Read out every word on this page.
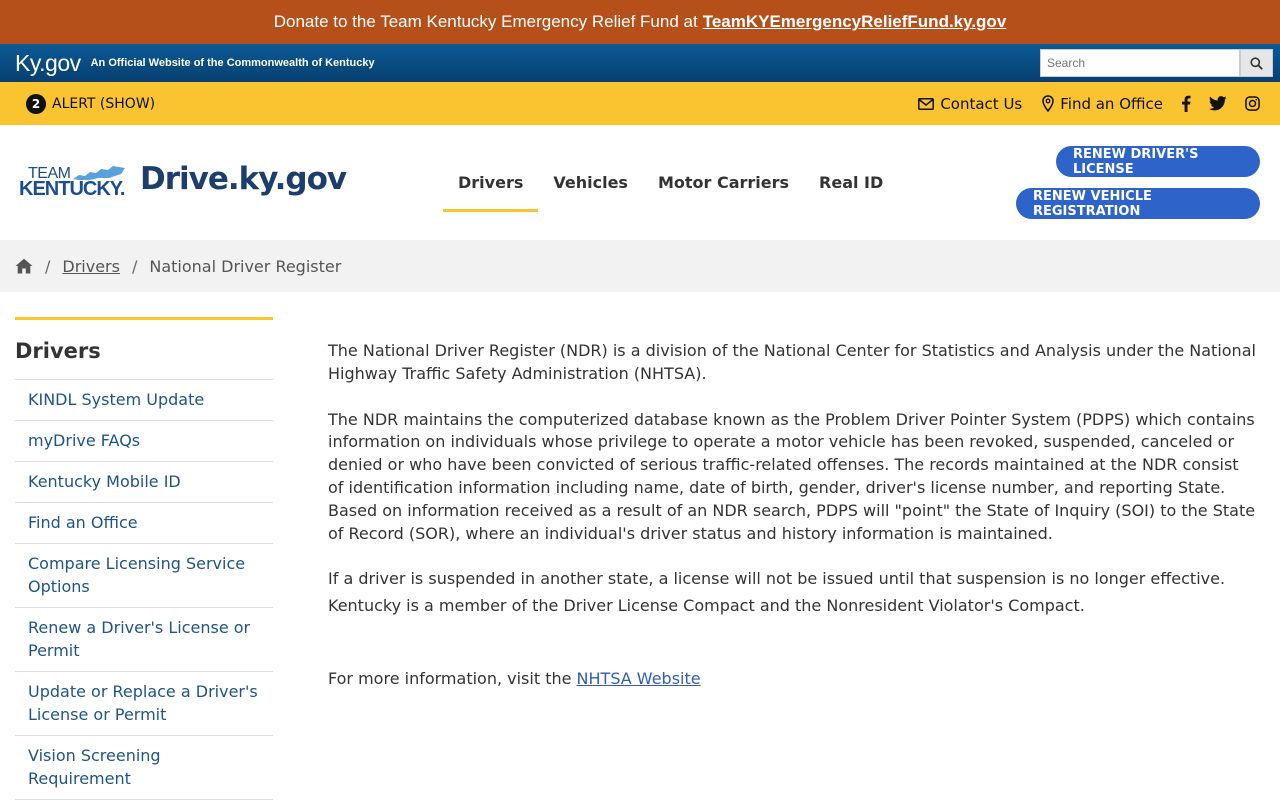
Donate to the Team Kentucky Emergency Relief Fund at TeamKYEmergencyReliefFund.ky.gov
Ky.gov An Official Website of the Commonwealth of Kentucky
Search
2 ALERT (SHOW)	Contact Us	Find an Office
TEAM
KENTUCKY. Drive.ky.gov	Drivers	Vehicles	Motor Carriers	Real ID
RENEW DRIVER'S LICENSE
RENEW VEHICLE REGISTRATION
/ Drivers / National Driver Register
Drivers
KINDL System Update
myDrive FAQs
Kentucky Mobile ID
Find an Office
Compare Licensing Service Options
Renew a Driver's License or Permit
Update or Replace a Driver's License or Permit
Vision Screening Requirement

The National Driver Register (NDR) is a division of the National Center for Statistics and Analysis under the National Highway Traffic Safety Administration (NHTSA).

The NDR maintains the computerized database known as the Problem Driver Pointer System (PDPS) which contains information on individuals whose privilege to operate a motor vehicle has been revoked, suspended, canceled or denied or who have been convicted of serious traffic-related offenses. The records maintained at the NDR consist of identification information including name, date of birth, gender, driver's license number, and reporting State. Based on information received as a result of an NDR search, PDPS will "point" the State of Inquiry (SOI) to the State of Record (SOR), where an individual's driver status and history information is maintained.

If a driver is suspended in another state, a license will not be issued until that suspension is no longer effective.

Kentucky is a member of the Driver License Compact and the Nonresident Violator's Compact.

For more information, visit the NHTSA Website
